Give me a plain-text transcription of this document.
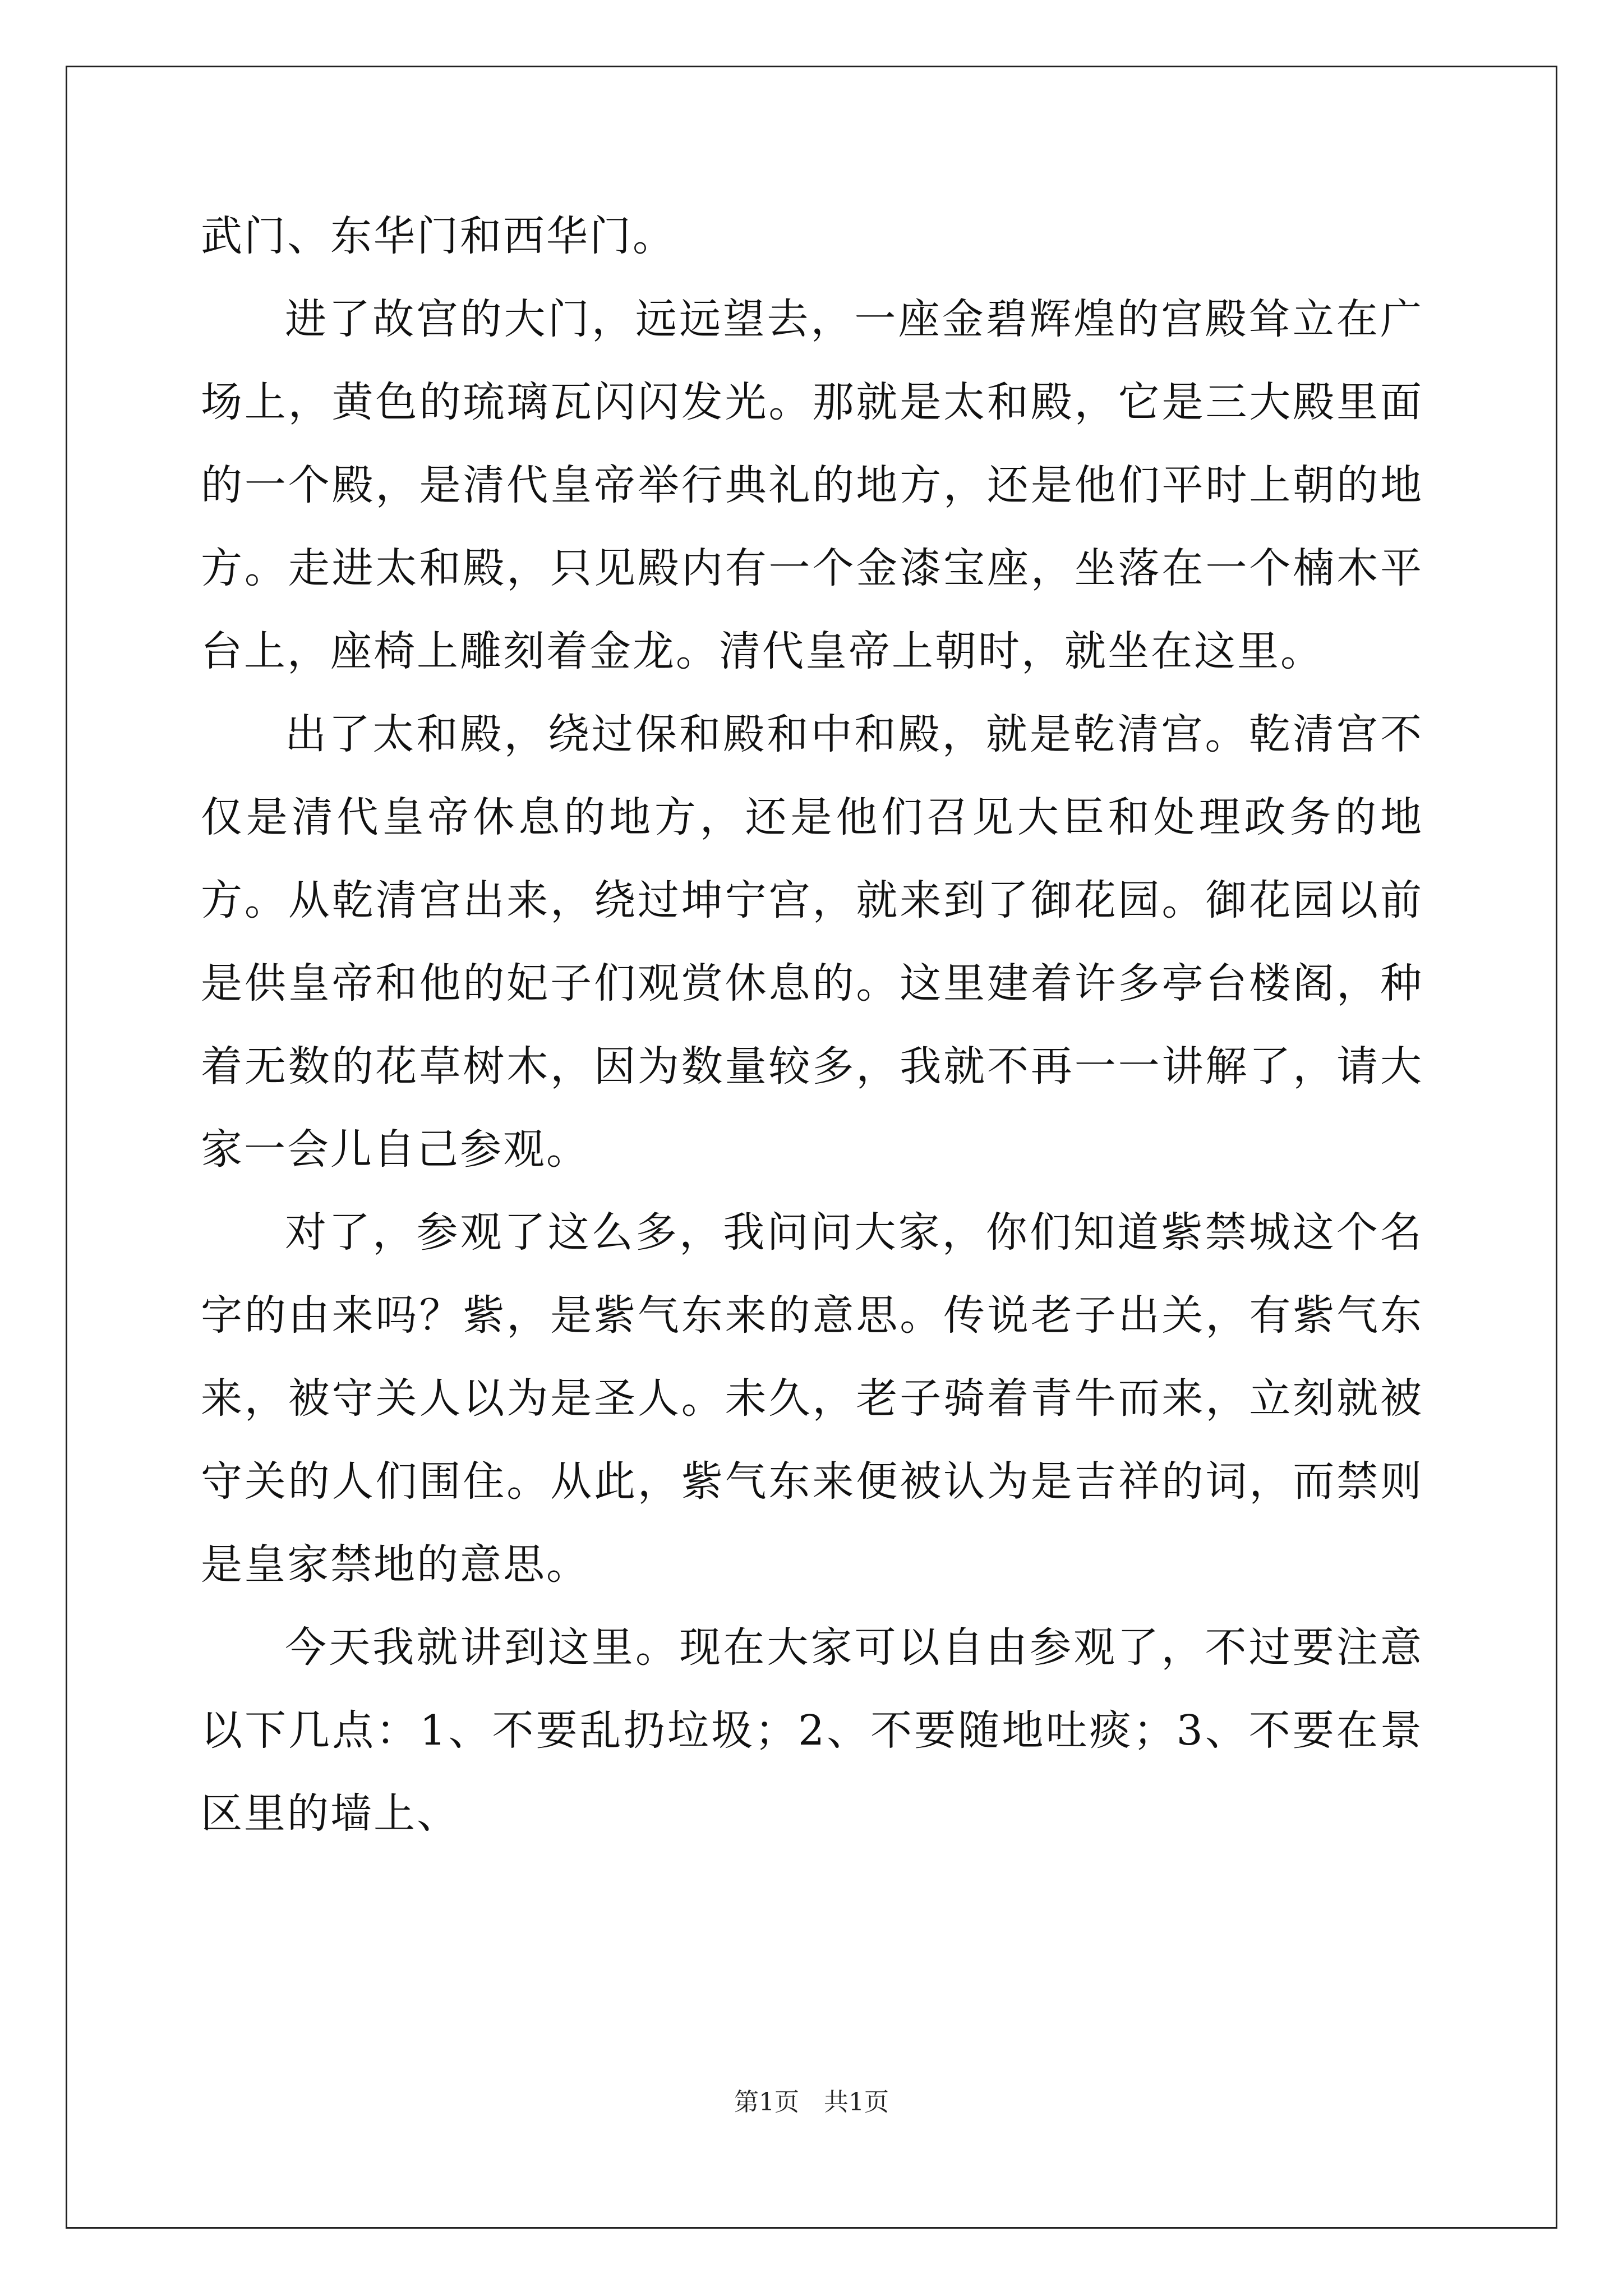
武门、东华门和西华门。

进了故宫的大门，远远望去，一座金碧辉煌的宫殿耸立在广场上，黄色的琉璃瓦闪闪发光。那就是太和殿，它是三大殿里面的一个殿，是清代皇帝举行典礼的地方，还是他们平时上朝的地方。走进太和殿，只见殿内有一个金漆宝座，坐落在一个楠木平台上，座椅上雕刻着金龙。清代皇帝上朝时，就坐在这里。

出了太和殿，绕过保和殿和中和殿，就是乾清宫。乾清宫不仅是清代皇帝休息的地方，还是他们召见大臣和处理政务的地方。从乾清宫出来，绕过坤宁宫，就来到了御花园。御花园以前是供皇帝和他的妃子们观赏休息的。这里建着许多亭台楼阁，种着无数的花草树木，因为数量较多，我就不再一一讲解了，请大家一会儿自己参观。

对了，参观了这么多，我问问大家，你们知道紫禁城这个名字的由来吗？紫，是紫气东来的意思。传说老子出关，有紫气东来，被守关人以为是圣人。未久，老子骑着青牛而来，立刻就被守关的人们围住。从此，紫气东来便被认为是吉祥的词，而禁则是皇家禁地的意思。

今天我就讲到这里。现在大家可以自由参观了，不过要注意以下几点：1、不要乱扔垃圾；2、不要随地吐痰；3、不要在景区里的墙上、

第1页　共1页
